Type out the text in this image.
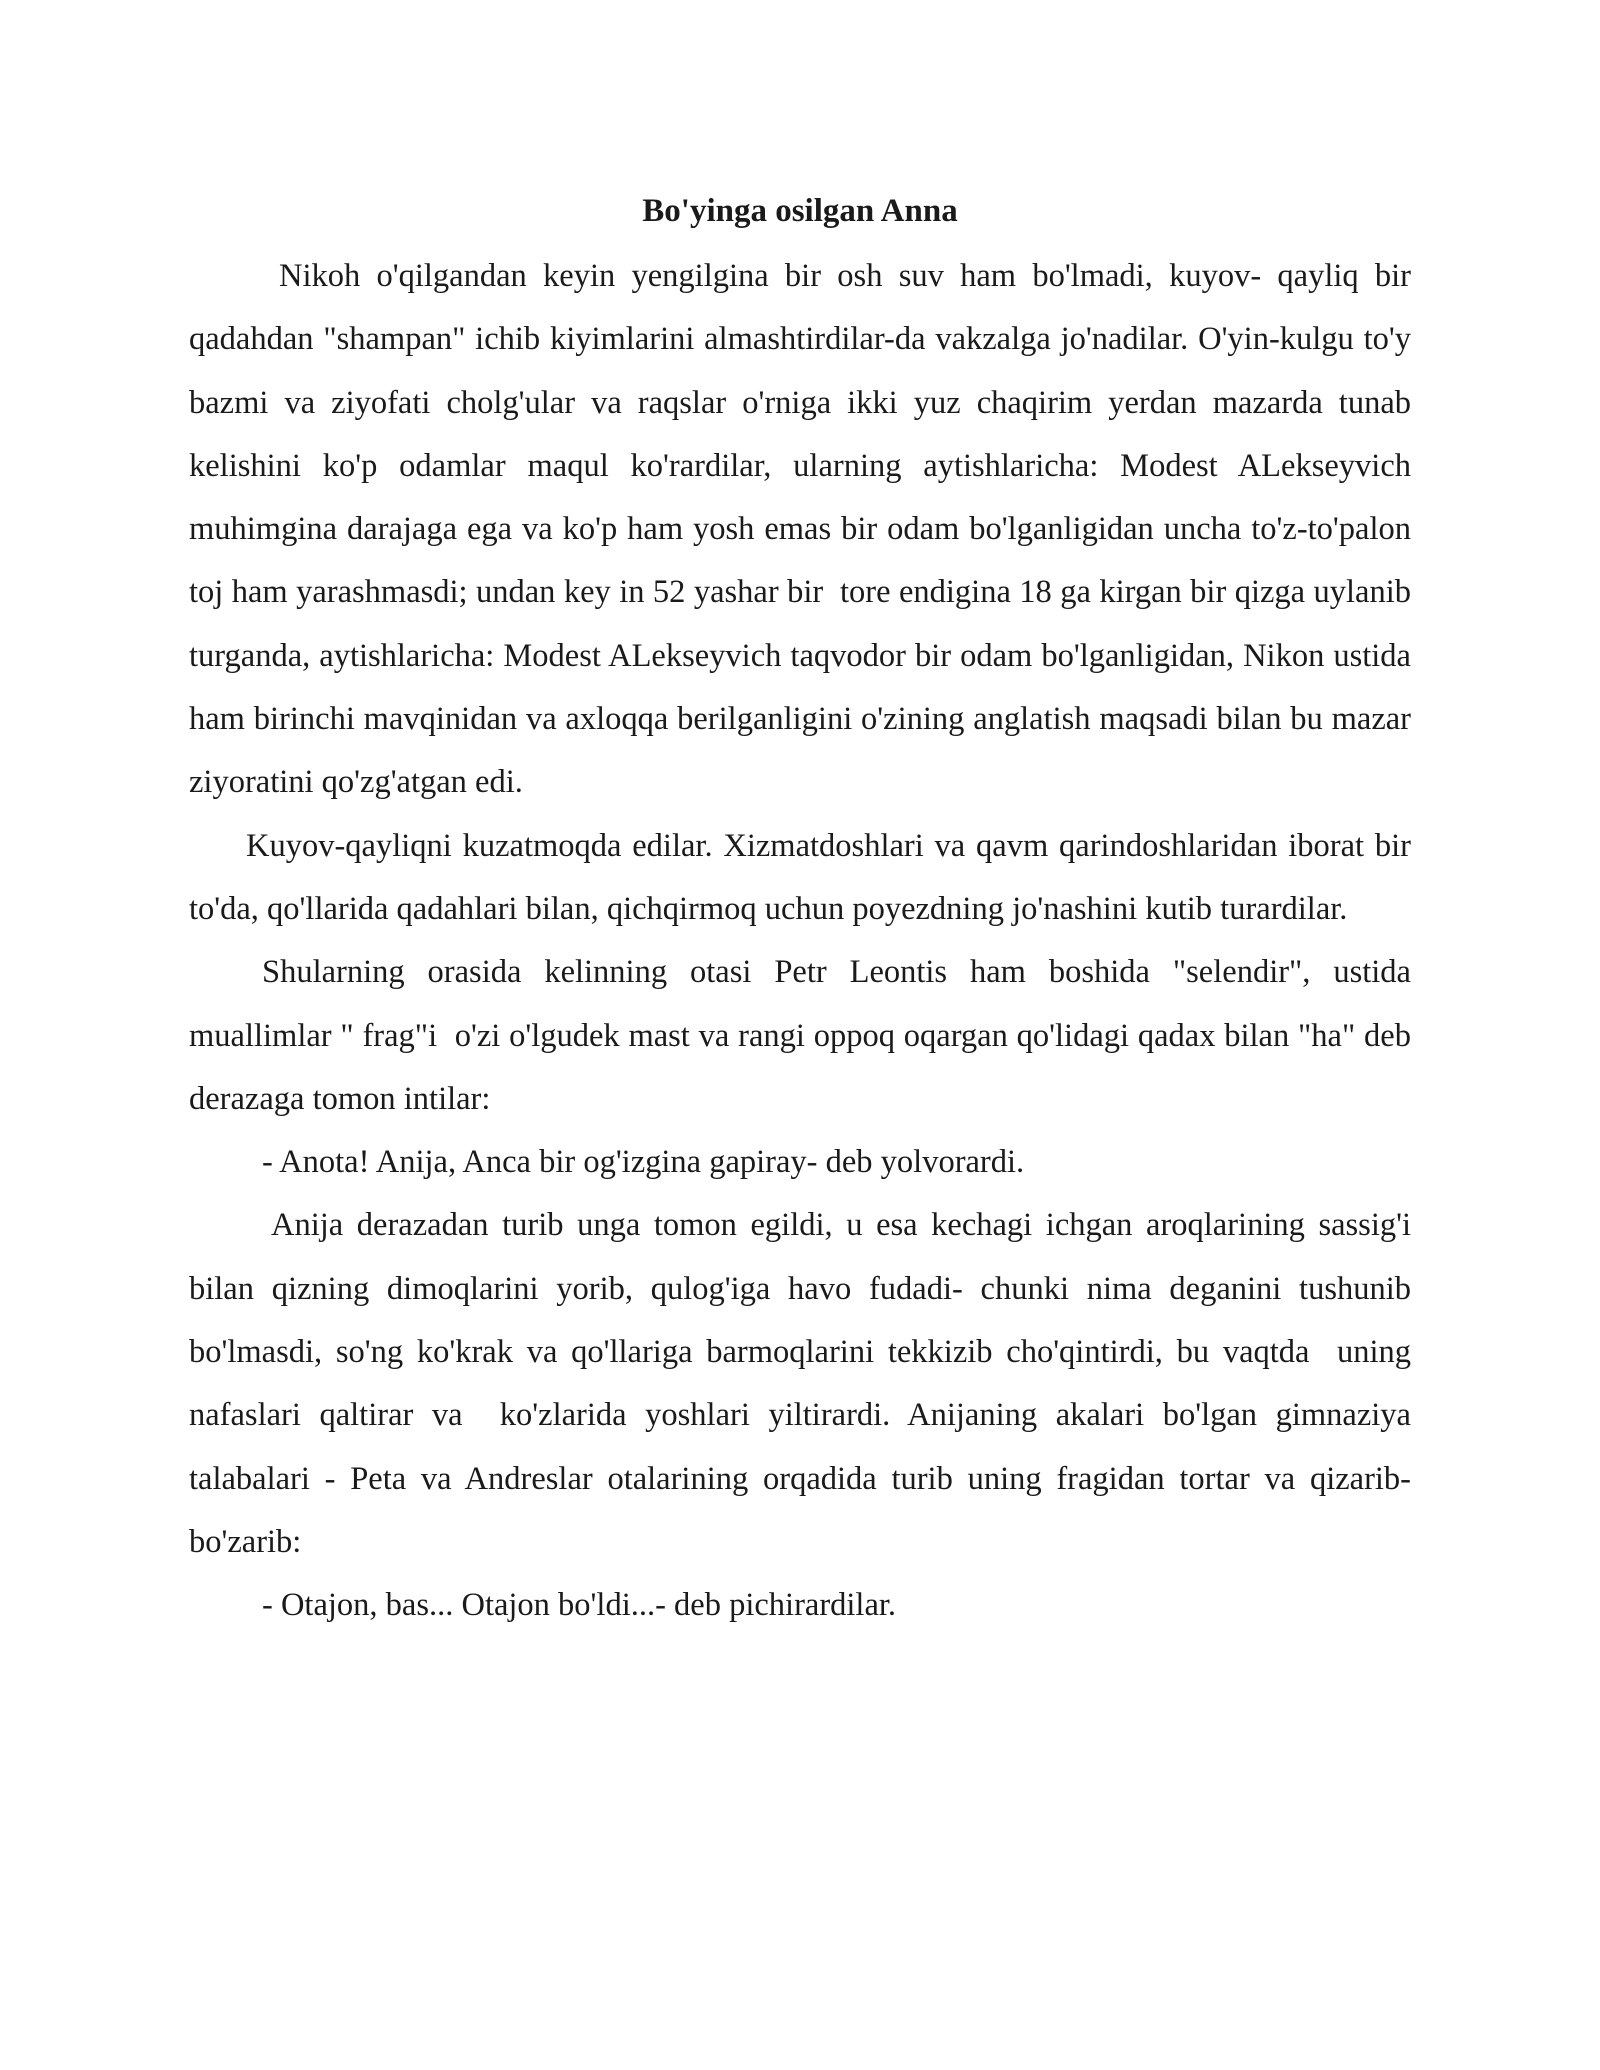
Bo'yinga osilgan Anna

Nikoh o'qilgandan keyin yengilgina bir osh suv ham bo'lmadi, kuyov- qayliq bir qadahdan "shampan" ichib kiyimlarini almashtirdilar-da vakzalga jo'nadilar. O'yin-kulgu to'y bazmi va ziyofati cholg'ular va raqslar o'rniga ikki yuz chaqirim yerdan mazarda tunab kelishini ko'p odamlar maqul ko'rardilar, ularning aytishlaricha: Modest ALekseyvich muhimgina darajaga ega va ko'p ham yosh emas bir odam bo'lganligidan uncha to'z-to'palon toj ham yarashmasdi; undan key in 52 yashar bir  tore endigina 18 ga kirgan bir qizga uylanib turganda, aytishlaricha: Modest ALekseyvich taqvodor bir odam bo'lganligidan, Nikon ustida ham birinchi mavqinidan va axloqqa berilganligini o'zining anglatish maqsadi bilan bu mazar ziyoratini qo'zg'atgan edi.

Kuyov-qayliqni kuzatmoqda edilar. Xizmatdoshlari va qavm qarindoshlaridan iborat bir to'da, qo'llarida qadahlari bilan, qichqirmoq uchun poyezdning jo'nashini kutib turardilar.

Shularning orasida kelinning otasi Petr Leontis ham boshida "selendir", ustida muallimlar " frag"i  o'zi o'lgudek mast va rangi oppoq oqargan qo'lidagi qadax bilan "ha" deb derazaga tomon intilar:

- Anota! Anija, Anca bir og'izgina gapiray- deb yolvorardi.

Anija derazadan turib unga tomon egildi, u esa kechagi ichgan aroqlarining sassig'i bilan qizning dimoqlarini yorib, qulog'iga havo fudadi- chunki nima deganini tushunib bo'lmasdi, so'ng ko'krak va qo'llariga barmoqlarini tekkizib cho'qintirdi, bu vaqtda  uning nafaslari qaltirar va  ko'zlarida yoshlari yiltirardi. Anijaning akalari bo'lgan gimnaziya talabalari - Peta va Andreslar otalarining orqadida turib uning fragidan tortar va qizarib-bo'zarib:

- Otajon, bas... Otajon bo'ldi...- deb pichirardilar.
